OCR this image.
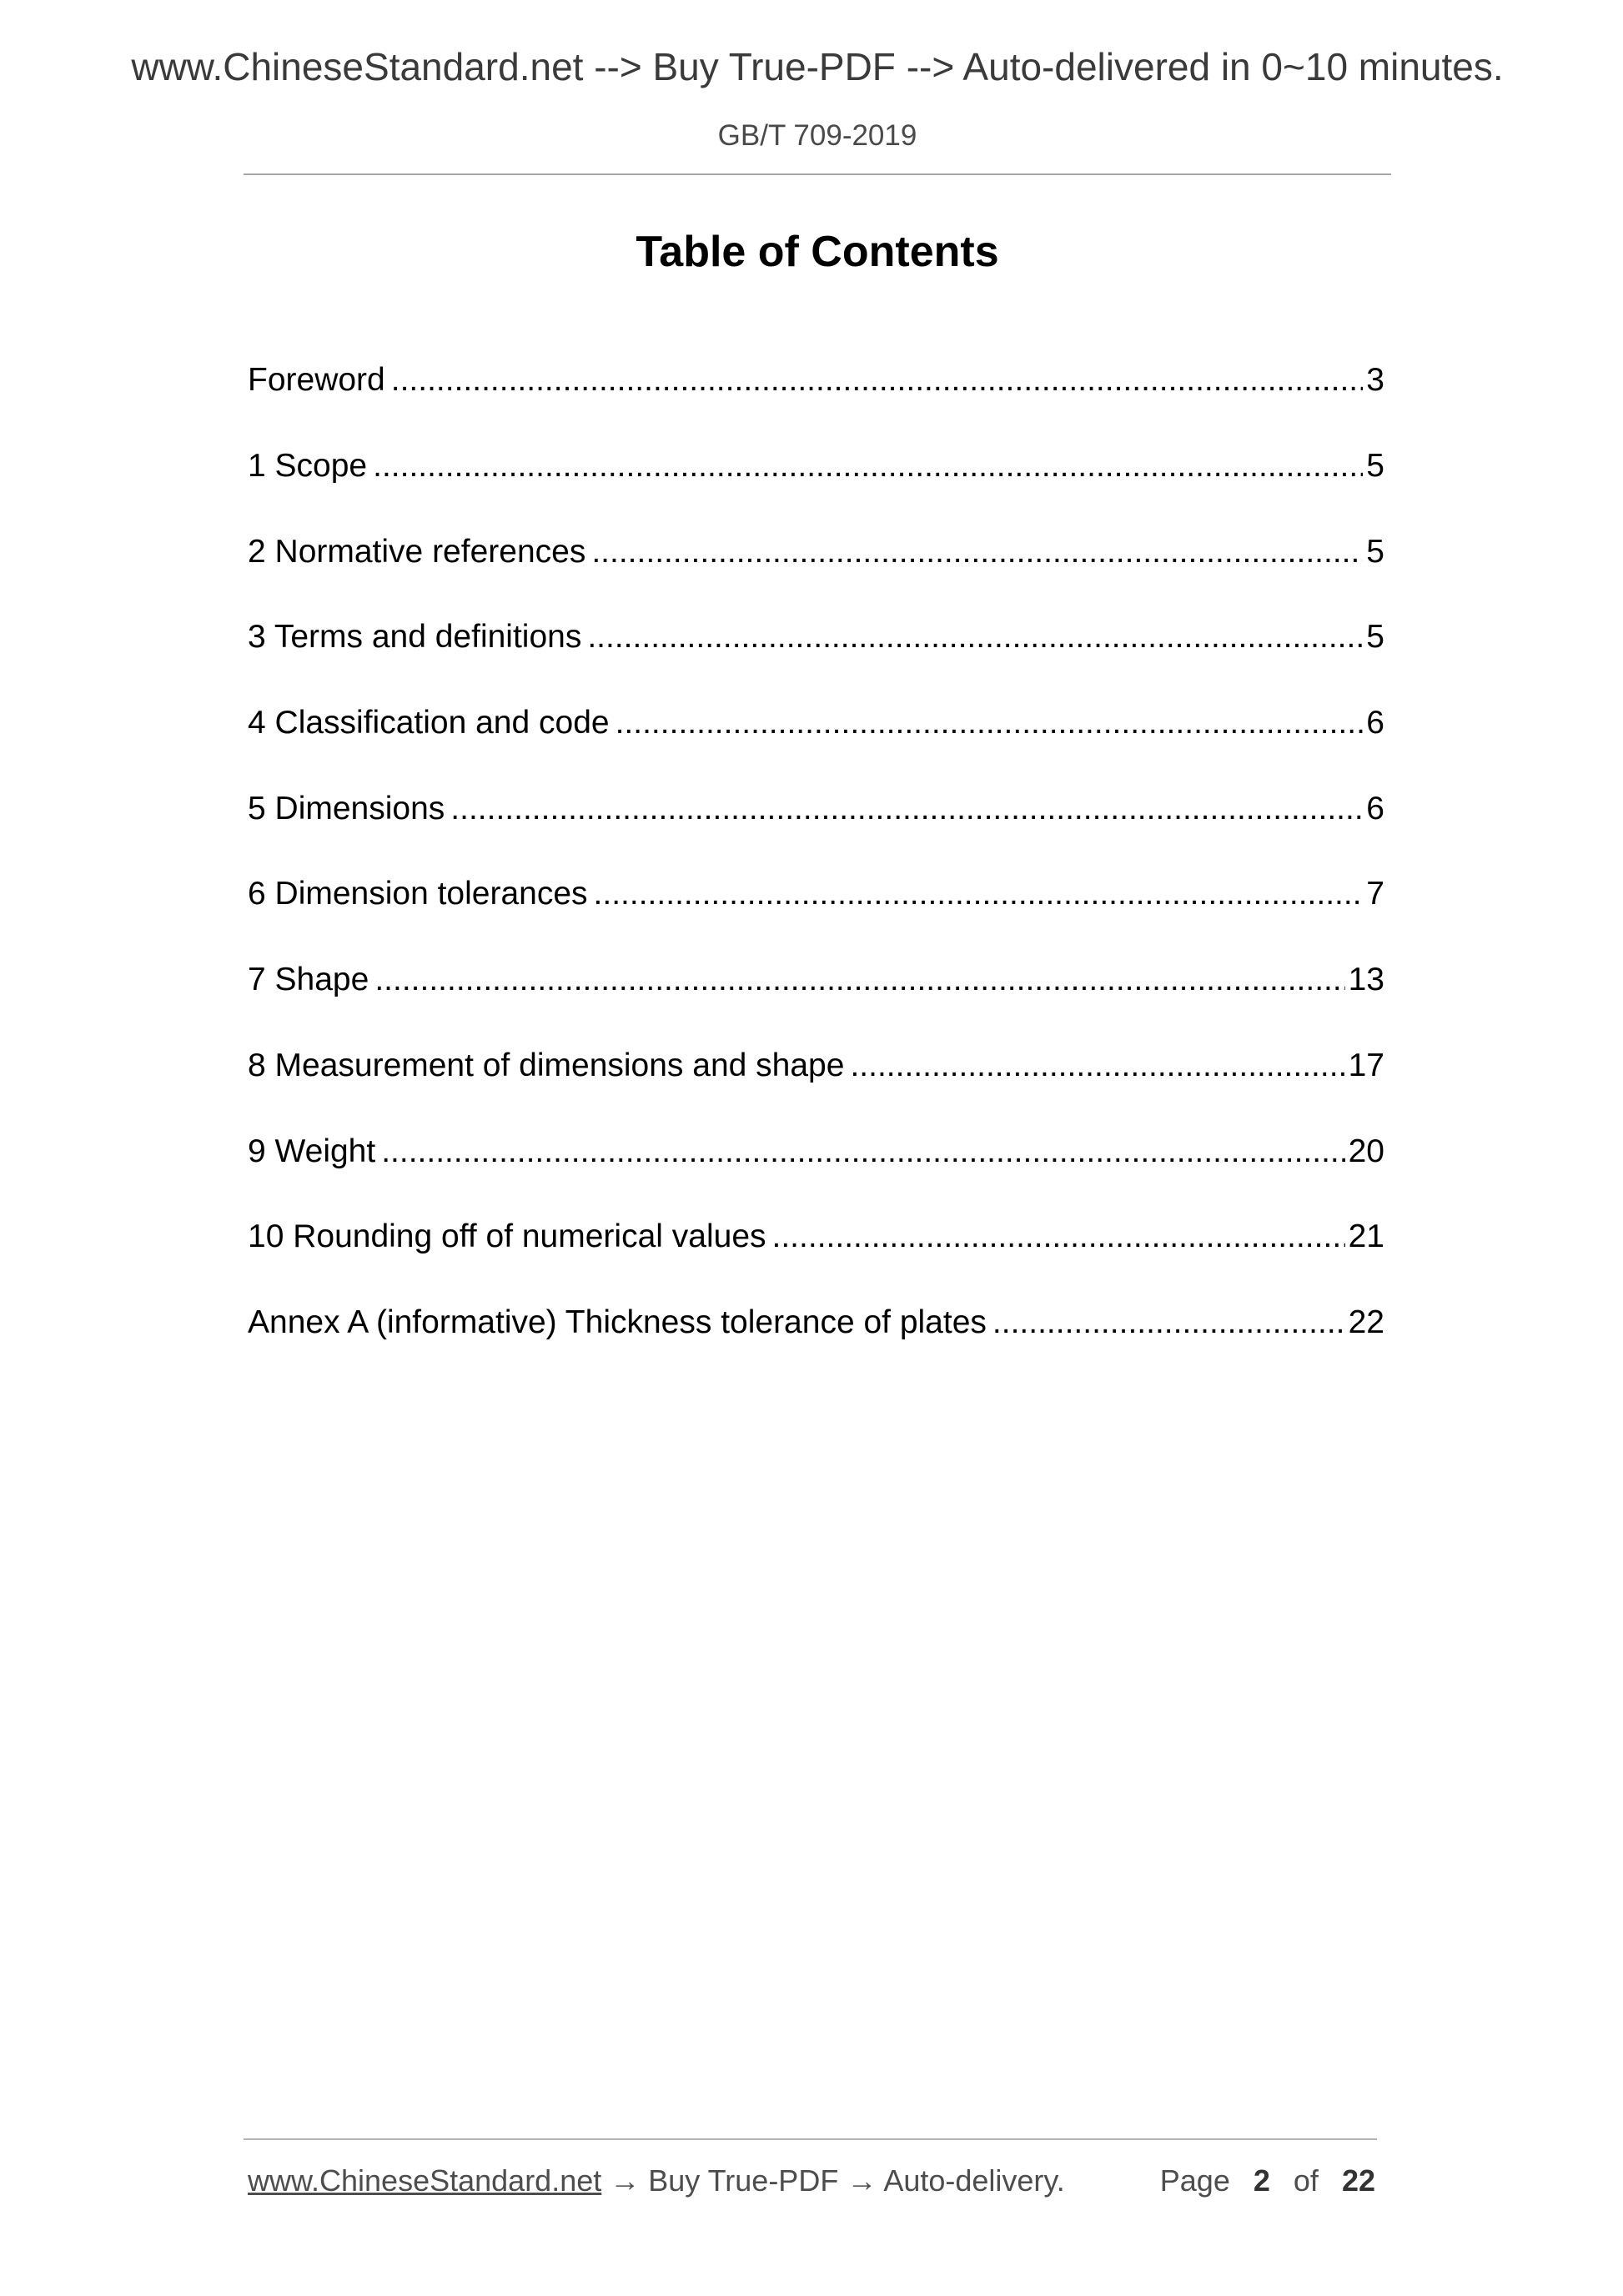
www.ChineseStandard.net --> Buy True-PDF --> Auto-delivered in 0~10 minutes.
GB/T 709-2019
Table of Contents
Foreword .....	3
1 Scope .....	5
2 Normative references .....	5
3 Terms and definitions .....	5
4 Classification and code .....	6
5 Dimensions .....	6
6 Dimension tolerances .....	7
7 Shape .....	13
8 Measurement of dimensions and shape .....	17
9 Weight .....	20
10 Rounding off of numerical values .....	21
Annex A (informative) Thickness tolerance of plates .....	22
www.ChineseStandard.net → Buy True-PDF → Auto-delivery.	Page 2 of 22
